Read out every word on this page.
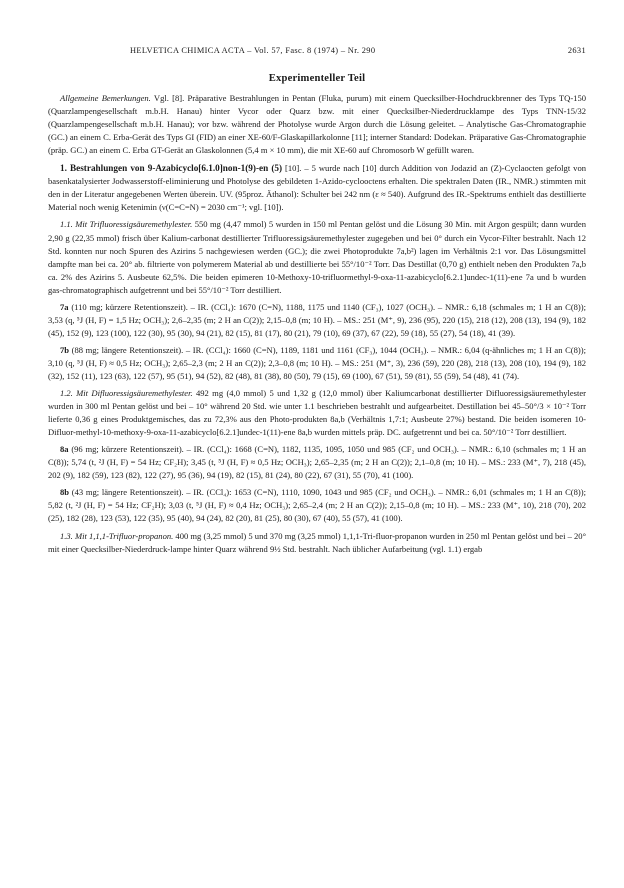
HELVETICA CHIMICA ACTA – Vol. 57, Fasc. 8 (1974) – Nr. 290	2631
Experimenteller Teil

Allgemeine Bemerkungen. Vgl. [8]. Präparative Bestrahlungen in Pentan (Fluka, purum) mit einem Quecksilber-Hochdruckbrenner des Typs TQ-150 (Quarzlampengesellschaft m.b.H. Hanau) hinter Vycor oder Quarz bzw. mit einer Quecksilber-Niederdrucklampe des Typs TNN-15/32 (Quarzlampengesellschaft m.b.H. Hanau); vor bzw. während der Photolyse wurde Argon durch die Lösung geleitet. – Analytische Gas-Chromatographie (GC.) an einem C. Erba-Gerät des Typs GI (FID) an einer XE-60/F-Glaskapillarkolonne [11]; interner Standard: Dodekan. Präparative Gas-Chromatographie (präp. GC.) an einem C. Erba GT-Gerät an Glaskolonnen (5,4 m × 10 mm), die mit XE-60 auf Chromosorb W gefüllt waren.

1. Bestrahlungen von 9-Azabicyclo[6.1.0]non-1(9)-en (5) [10]. – 5 wurde nach [10] durch Addition von Jodazid an (Z)-Cyclaocten gefolgt von basenkatalysierter Jodwasserstoff-eliminierung und Photolyse des gebildeten 1-Azido-cyclooctens erhalten. Die spektralen Daten (IR., NMR.) stimmten mit den in der Literatur angegebenen Werten überein. UV. (95proz. Äthanol): Schulter bei 242 nm (ε ≈ 540). Aufgrund des IR.-Spektrums enthielt das destillierte Material noch wenig Ketenimin (ν(C=C=N) = 2030 cm⁻¹; vgl. [10]).

1.1. Mit Trifluoressigsäuremethylester. 550 mg (4,47 mmol) 5 wurden in 150 ml Pentan gelöst und die Lösung 30 Min. mit Argon gespült; dann wurden 2,90 g (22,35 mmol) frisch über Kalium-carbonat destillierter Trifluoressigsäuremethylester zugegeben und bei 0° durch ein Vycor-Filter bestrahlt. Nach 12 Std. konnten nur noch Spuren des Azirins 5 nachgewiesen werden (GC.); die zwei Photoprodukte 7a,b²) lagen im Verhältnis 2:1 vor. Das Lösungsmittel dampfte man bei ca. 20° ab. filtrierte von polymerem Material ab und destillierte bei 55°/10⁻² Torr. Das Destillat (0,70 g) enthielt neben den Produkten 7a,b ca. 2% des Azirins 5. Ausbeute 62,5%. Die beiden epimeren 10-Methoxy-10-trifluormethyl-9-oxa-11-azabicyclo[6.2.1]undec-1(11)-ene 7a und b wurden gas-chromatographisch aufgetrennt und bei 55°/10⁻² Torr destilliert.

7a (110 mg; kürzere Retentionszeit). – IR. (CCl₄): 1670 (C=N), 1188, 1175 und 1140 (CF₃), 1027 (OCH₃). – NMR.: 6,18 (schmales m; 1 H an C(8)); 3,53 (q, ⁵J (H, F) = 1,5 Hz; OCH₃); 2,6–2,35 (m; 2 H an C(2)); 2,15–0,8 (m; 10 H). – MS.: 251 (M⁺, 9), 236 (95), 220 (15), 218 (12), 208 (13), 194 (9), 182 (45), 152 (9), 123 (100), 122 (30), 95 (30), 94 (21), 82 (15), 81 (17), 80 (21), 79 (10), 69 (37), 67 (22), 59 (18), 55 (27), 54 (18), 41 (39).

7b (88 mg; längere Retentionszeit). – IR. (CCl₄): 1660 (C=N), 1189, 1181 und 1161 (CF₃), 1044 (OCH₃). – NMR.: 6,04 (q-ähnliches m; 1 H an C(8)); 3,10 (q, ⁵J (H, F) ≈ 0,5 Hz; OCH₃); 2,65–2,3 (m; 2 H an C(2)); 2,3–0,8 (m; 10 H). – MS.: 251 (M⁺, 3), 236 (59), 220 (28), 218 (13), 208 (10), 194 (9), 182 (32), 152 (11), 123 (63), 122 (57), 95 (51), 94 (52), 82 (48), 81 (38), 80 (50), 79 (15), 69 (100), 67 (51), 59 (81), 55 (59), 54 (48), 41 (74).

1.2. Mit Difluoressigsäuremethylester. 492 mg (4,0 mmol) 5 und 1,32 g (12,0 mmol) über Kaliumcarbonat destillierter Difluoressigsäuremethylester wurden in 300 ml Pentan gelöst und bei – 10° während 20 Std. wie unter 1.1 beschrieben bestrahlt und aufgearbeitet. Destillation bei 45–50°/3 × 10⁻² Torr lieferte 0,36 g eines Produktgemisches, das zu 72,3% aus den Photo-produkten 8a,b (Verhältnis 1,7:1; Ausbeute 27%) bestand. Die beiden isomeren 10-Difluor-methyl-10-methoxy-9-oxa-11-azabicyclo[6.2.1]undec-1(11)-ene 8a,b wurden mittels präp. DC. aufgetrennt und bei ca. 50°/10⁻² Torr destilliert.

8a (96 mg; kürzere Retentionszeit). – IR. (CCl₄): 1668 (C=N), 1182, 1135, 1095, 1050 und 985 (CF₂ und OCH₃). – NMR.: 6,10 (schmales m; 1 H an C(8)); 5,74 (t, ²J (H, F) = 54 Hz; CF₂H); 3,45 (t, ⁵J (H, F) ≈ 0,5 Hz; OCH₃); 2,65–2,35 (m; 2 H an C(2)); 2,1–0,8 (m; 10 H). – MS.: 233 (M⁺, 7), 218 (45), 202 (9), 182 (59), 123 (82), 122 (27), 95 (36), 94 (19), 82 (15), 81 (24), 80 (22), 67 (31), 55 (70), 41 (100).

8b (43 mg; längere Retentionszeit). – IR. (CCl₄): 1653 (C=N), 1110, 1090, 1043 und 985 (CF₂ und OCH₃). – NMR.: 6,01 (schmales m; 1 H an C(8)); 5,82 (t, ²J (H, F) = 54 Hz; CF₂H); 3,03 (t, ⁵J (H, F) ≈ 0,4 Hz; OCH₃); 2,65–2,4 (m; 2 H an C(2)); 2,15–0,8 (m; 10 H). – MS.: 233 (M⁺, 10), 218 (70), 202 (25), 182 (28), 123 (53), 122 (35), 95 (40), 94 (24), 82 (20), 81 (25), 80 (30), 67 (40), 55 (57), 41 (100).

1.3. Mit 1,1,1-Trifluor-propanon. 400 mg (3,25 mmol) 5 und 370 mg (3,25 mmol) 1,1,1-Tri-fluor-propanon wurden in 250 ml Pentan gelöst und bei – 20° mit einer Quecksilber-Niederdruck-lampe hinter Quarz während 9½ Std. bestrahlt. Nach üblicher Aufarbeitung (vgl. 1.1) ergab
